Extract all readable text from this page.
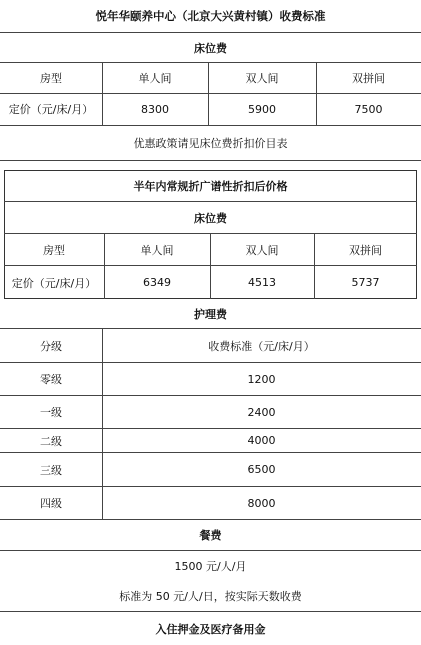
悦年华颐养中心（北京大兴黄村镇）收费标准
床位费
房型	单人间	双人间	双拼间
定价（元/床/月）	8300	5900	7500
优惠政策请见床位费折扣价目表
半年内常规折广谱性折扣后价格
床位费
房型	单人间	双人间	双拼间
定价（元/床/月）	6349	4513	5737
护理费
分级	收费标准（元/床/月）
零级	1200
一级	2400
二级	4000
三级	6500
四级	8000
餐费
1500 元/人/月
标准为 50 元/人/日，按实际天数收费
入住押金及医疗备用金
